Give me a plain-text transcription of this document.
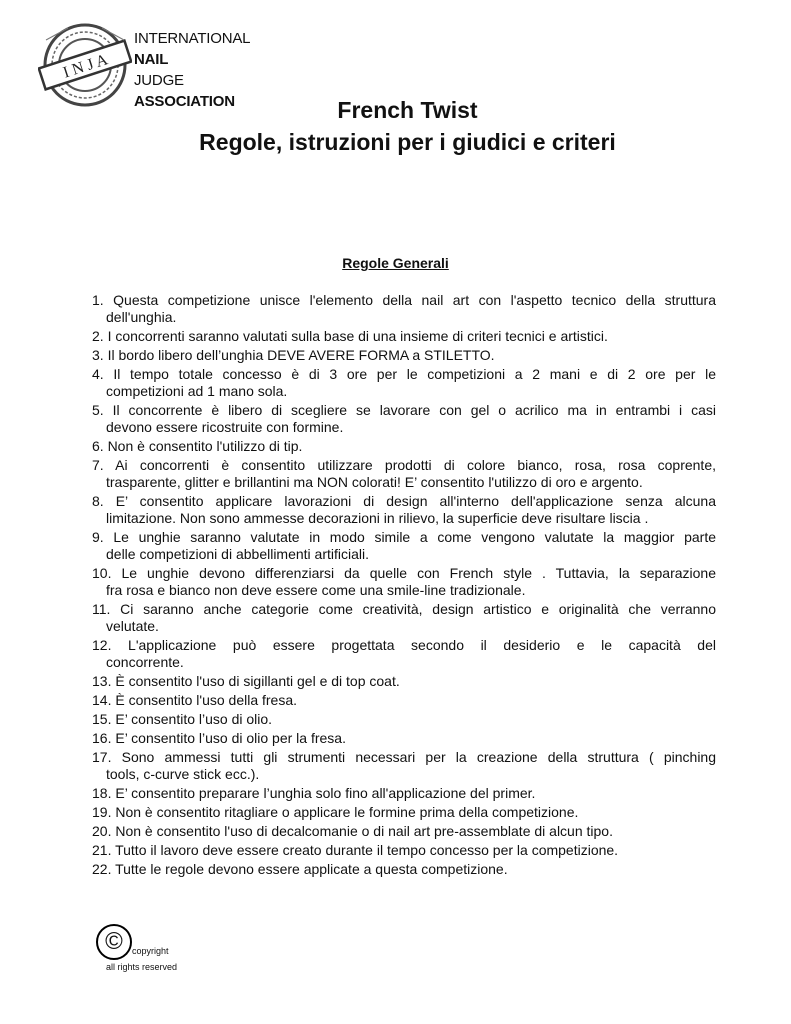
I N J A
INTERNATIONAL
NAIL
JUDGE
ASSOCIATION	French Twist
Regole, istruzioni per i giudici e criteri
Regole Generali
1. Questa competizione unisce l'elemento della nail art con l'aspetto tecnico della struttura
dell'unghia.
2. I concorrenti saranno valutati sulla base di una insieme di criteri tecnici e artistici.
3. Il bordo libero dell’unghia DEVE AVERE FORMA a STILETTO.
4. Il tempo totale concesso è di 3 ore per le competizioni a 2 mani e di 2 ore per le
competizioni ad 1 mano sola.
5. Il concorrente è libero di scegliere se lavorare con gel o acrilico ma in entrambi i casi
devono essere ricostruite con formine.
6. Non è consentito l'utilizzo di tip.
7. Ai concorrenti è consentito utilizzare prodotti di colore bianco, rosa, rosa coprente,
trasparente, glitter e brillantini ma NON colorati! E’ consentito l'utilizzo di oro e argento.
8. E’ consentito applicare lavorazioni di design all'interno dell'applicazione senza alcuna
limitazione. Non sono ammesse decorazioni in rilievo, la superficie deve risultare liscia .
9. Le unghie saranno valutate in modo simile a come vengono valutate la maggior parte
delle competizioni di abbellimenti artificiali.
10. Le unghie devono differenziarsi da quelle con French style . Tuttavia, la separazione
fra rosa e bianco non deve essere come una smile-line tradizionale.
11. Ci saranno anche categorie come creatività, design artistico e originalità che verranno
velutate.
12. L'applicazione può essere progettata secondo il desiderio e le capacità del
concorrente.
13. È consentito l'uso di sigillanti gel e di top coat.
14. È consentito l'uso della fresa.
15. E’ consentito l’uso di olio.
16. E’ consentito l’uso di olio per la fresa.
17. Sono ammessi tutti gli strumenti necessari per la creazione della struttura ( pinching
tools, c-curve stick ecc.).
18. E’ consentito preparare l’unghia solo fino all'applicazione del primer.
19. Non è consentito ritagliare o applicare le formine prima della competizione.
20. Non è consentito l'uso di decalcomanie o di nail art pre-assemblate di alcun tipo.
21. Tutto il lavoro deve essere creato durante il tempo concesso per la competizione.
22. Tutte le regole devono essere applicate a questa competizione.
©	copyright
all rights reserved
